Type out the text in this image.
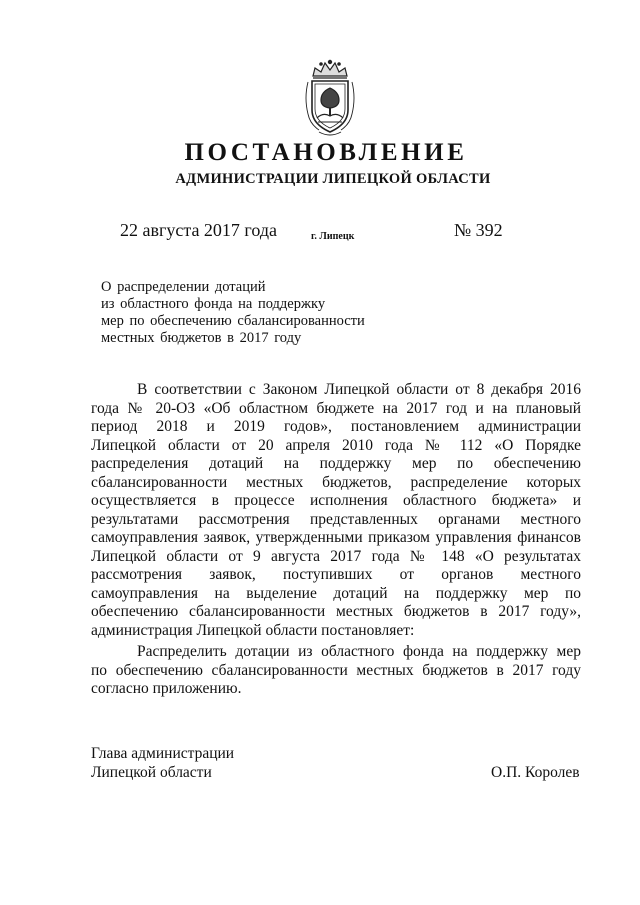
ПОСТАНОВЛЕНИЕ
АДМИНИСТРАЦИИ ЛИПЕЦКОЙ ОБЛАСТИ
22 августа 2017 года	г. Липецк	№ 392
О распределении дотаций
из областного фонда на поддержку
мер по обеспечению сбалансированности
местных бюджетов в 2017 году
В соответствии с Законом Липецкой области от 8 декабря 2016
года № 20-ОЗ «Об областном бюджете на 2017 год и на плановый
период 2018 и 2019 годов», постановлением администрации
Липецкой области от 20 апреля 2010 года № 112 «О Порядке
распределения дотаций на поддержку мер по обеспечению
сбалансированности местных бюджетов, распределение которых
осуществляется в процессе исполнения областного бюджета» и
результатами рассмотрения представленных органами местного
самоуправления заявок, утвержденными приказом управления финансов
Липецкой области от 9 августа 2017 года № 148 «О результатах
рассмотрения заявок, поступивших от органов местного
самоуправления на выделение дотаций на поддержку мер по
обеспечению сбалансированности местных бюджетов в 2017 году»,
администрация Липецкой области постановляет:
Распределить дотации из областного фонда на поддержку мер
по обеспечению сбалансированности местных бюджетов в 2017 году
согласно приложению.
Глава администрации
Липецкой области	О.П. Королев
